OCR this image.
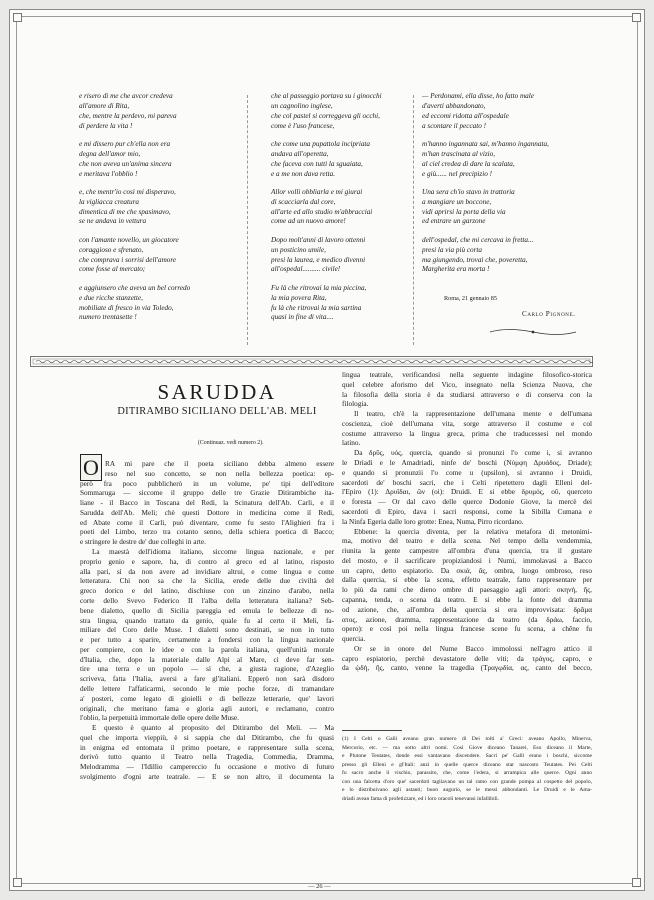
e risero di me che avcor credeva
all'amore di Rita,
che, mentre la perdevo, mi pareva
di perdere la vita !
e mi dissero pur ch'ella non era
degna dell'amor mio,
che non aveva un'anima sincera
e meritava l'obblio !
e, che mentr'io così mi disperavo,
la vigliacca creatura
dimentica di me che spasimavo,
se ne andava in vettura
con l'amante novello, un giocatore
coraggioso e sfrenato,
che comprava i sorrisi dell'amore
come fosse al mercato;
e aggiunsero che aveva un bel corredo
e due ricche stanzette,
mobiliate di fresco in via Toledo,
numero trentasette !
che al passeggio portava su i ginocchi
un cagnolino inglese,
che col pastel si correggeva gli occhi,
come è l'uso francese,
che come una pupattola incipriata
andava all'operetta,
che faceva con tutti la sguaiata,
e a me non dava retta.
Allor volli obbliarla e mi giurai
di scacciarla dal core,
all'arte ed allo studio m'abbracciai
come ad un nuovo amore!
Dopo molt'anni di lavoro ottenni
un posticino umile,
presi la laurea, e medico divenni
all'ospedal.......... civile!
Fu là che ritrovai la mia piccina,
la mia povera Rita,
fu là che ritrovai la mia sartina
quasi in fine di vita....
— Perdonami, ella disse, ho fatto male
d'averti abbandonato,
ed eccomi ridotta all'ospedale
a scontare il peccato !
m'hanno ingannata sai, m'hanno ingannata,
m'han trascinata al vizio,
al ciel credea di dare la scalata,
e giù...... nel precipizio !
Una sera ch'io stavo in trattoria
a mangiare un boccone,
vidi aprirsi la porta della via
ed entrare un garzone
dell'ospedal, che mi cercava in fretta...
presi la via più corta
ma giungendo, trovai che, poveretta,
Margherita era morta !
Roma, 21 gennaio 85
Carlo Pignone.
SARUDDA
DITIRAMBO SICILIANO DELL'AB. MELI
(Continuaz. vedi numero 2).
O RA mi pare che il poeta siciliano debba almeno essere
reso nel suo concetto, se non nella bellezza poetica: ep-
però fra poco pubblicherò in un volume, pe' tipi dell'editore
Sommaruga — siccome il gruppo delle tre Grazie Ditirambiche ita-
liane - il Bacco in Toscana del Redi, la Scinatura dell'Ab. Carli, e il
Sarudda dell'Ab. Meli; chè questi Dottore in medicina come il Redi,
ed Abate come il Carli, può diventare, come fu sesto l'Alighieri fra i
poeti del Limbo, terzo tra cotanto senno, della schiera poetica di Bacco;
e stringere le destre de' due colleghi in arte.
La maestà dell'idioma italiano, siccome lingua nazionale, e per
proprio genio e sapore, ha, di contro al greco ed al latino, risposto
alla pari, sì da non avere ad invidiare altrui, e come lingua e come
letteratura. Chi non sa che la Sicilia, erede delle due civiltà del
greco dorico e del latino, dischiuse con un zinzino d'arabo, nella
corte dello Svevo Federico II l'alba della letteratura italiana? Seb-
bene dialetto, quello di Sicilia pareggia ed emula le bellezze di no-
stra lingua, quando trattato da genio, quale fu al certo il Meli, fa-
miliare del Coro delle Muse. I dialetti sono destinati, se non in tutto
e per tutto a sparire, certamente a fondersi con la lingua nazionale
per compiere, con le idee e con la parola italiana, quell'unità morale
d'Italia, che, dopo la materiale dalle Alpi al Mare, ci deve far sen-
tire una terra e un popolo — sì che, a giusta ragione, d'Azeglio
scriveva, fatta l'Italia, aversi a fare gl'italiani. Epperò non sarà disdoro
delle lettere l'affaticarmi, secondo le mie poche forze, di tramandare
a' posteri, come legato di gioielli e di bellezze letterarie, que' lavori
originali, che meritano fama e gloria agli autori, e reclamano, contro
l'oblio, la perpetuità immortale delle opere delle Muse.
E questo è quanto al proposito del Ditirambo del Meli. — Ma
quel che importa vieppiù, è si sappia che dal Ditirambo, che fu quasi
in enigma ed entomata il primo poetare, e rappresentare sulla scena,
derivò tutto quanto il Teatro nella Tragedia, Commedia, Dramma,
Melodramma — l'Idillio campereccio fu occasione e motivo di futuro
svolgimento d'ogni arte teatrale. — E se non altro, il documenta la
lingua teatrale, verificandosi nella seguente indagine filosofico-storica
quel celebre aforismo del Vico, insegnato nella Scienza Nuova, che
la filosofia della storia è da studiarsi attraverso e di conserva con la
filologia.
Il teatro, ch'è la rappresentazione dell'umana mente e dell'umana
coscienza, cioè dell'umana vita, sorge attraverso il costume e col
costume attraverso la lingua greca, prima che traducessesi nel mondo
latino.
Da δρῦς, υός, quercia, quando si pronunzi l'υ come i, si avranno
le Driadi e le Amadriadi, ninfe de' boschi (Νύμφη Δρυάδος, Driade);
e quando si pronunzii l'υ come u (upsilon), si avranno i Druidi,
sacerdoti de' boschi sacri, che i Celti ripetettero dagli Elleni del-
l'Epiro (1): Δρυΐδαι, ῶν (οἱ): Druidi. E si ebbe δρυμός, οῦ, querceto
e foresta — Or dal cavo delle querce Dodonie Giove, la mercè dei
sacerdoti di Epiro, dava i sacri responsi, come la Sibilla Cumana e
la Ninfa Egeria dalle loro grotte: Enea, Numa, Pirro ricordano.
Ebbene: la quercia diventa, per la relativa metafora di metonimi-
ma, motivo del teatro e della scena. Nel tempo della vendemmia,
riunita la gente campestre all'ombra d'una quercia, tra il gustare
del mosto, e il sacrificare propiziandosi i Numi, immolavasi a Bacco
un capro, detto espiatorio. Da σκιά, ᾶς, ombra, luogo ombroso, reso
dalla quercia, si ebbe la scena, effetto teatrale, fatto rappresentare per
lo più da rami che dieno ombre di paesaggio agli attori: σκηνή, ῆς,
capanna, tenda, o scena da teatro. E si ebbe la fonte del dramma
od azione, che, all'ombra della quercia si era improvvisata: δρᾶμα
ατος, azione, dramma, rappresentazione da teatro (da δράω, faccio,
opero): e così poi nella lingua francese scene fu scena, a chêne fu
quercia.
Or se in onore del Nume Bacco immolossi nell'agro attico il
capro espiatorio, perchè devastatore delle viti; da τράγος, capro, e
da ᾠδή, ῆς, canto, venne la tragedia (Τραγῳδία, ας, canto del becco,
(1) I Celti o Galli aveano gran numero di Dei tolti a' Greci: aveano Apollo, Minerva,
Mercurio, etc. — ma sotto altri nomi. Così Giove diceano Tanarei, Eso diceano il Marte,
e Plutone Teutates, donde essi vantavano discendere. Sacri pe' Galli erano i boschi, siccome
presso gli Elleni e gl'Itali: anzi in quelle querce diceano star nascosto Teutates. Pei Celti
fu sacro anche il vischio, parassito, che, come l'edera, si arrampica alle querce. Ogni anno
con una falcetta d'oro que' sacerdoti tagliavano un tal ramo con grande pompa al cospetto del popolo,
e lo distribuivano agli astanti; buon augurio, se le messi abbondanti. Le Druidi e le Ama-
driadi avean fama di profetizzare, ed i loro oracoli tenevansi infallibili.
— 26 —
